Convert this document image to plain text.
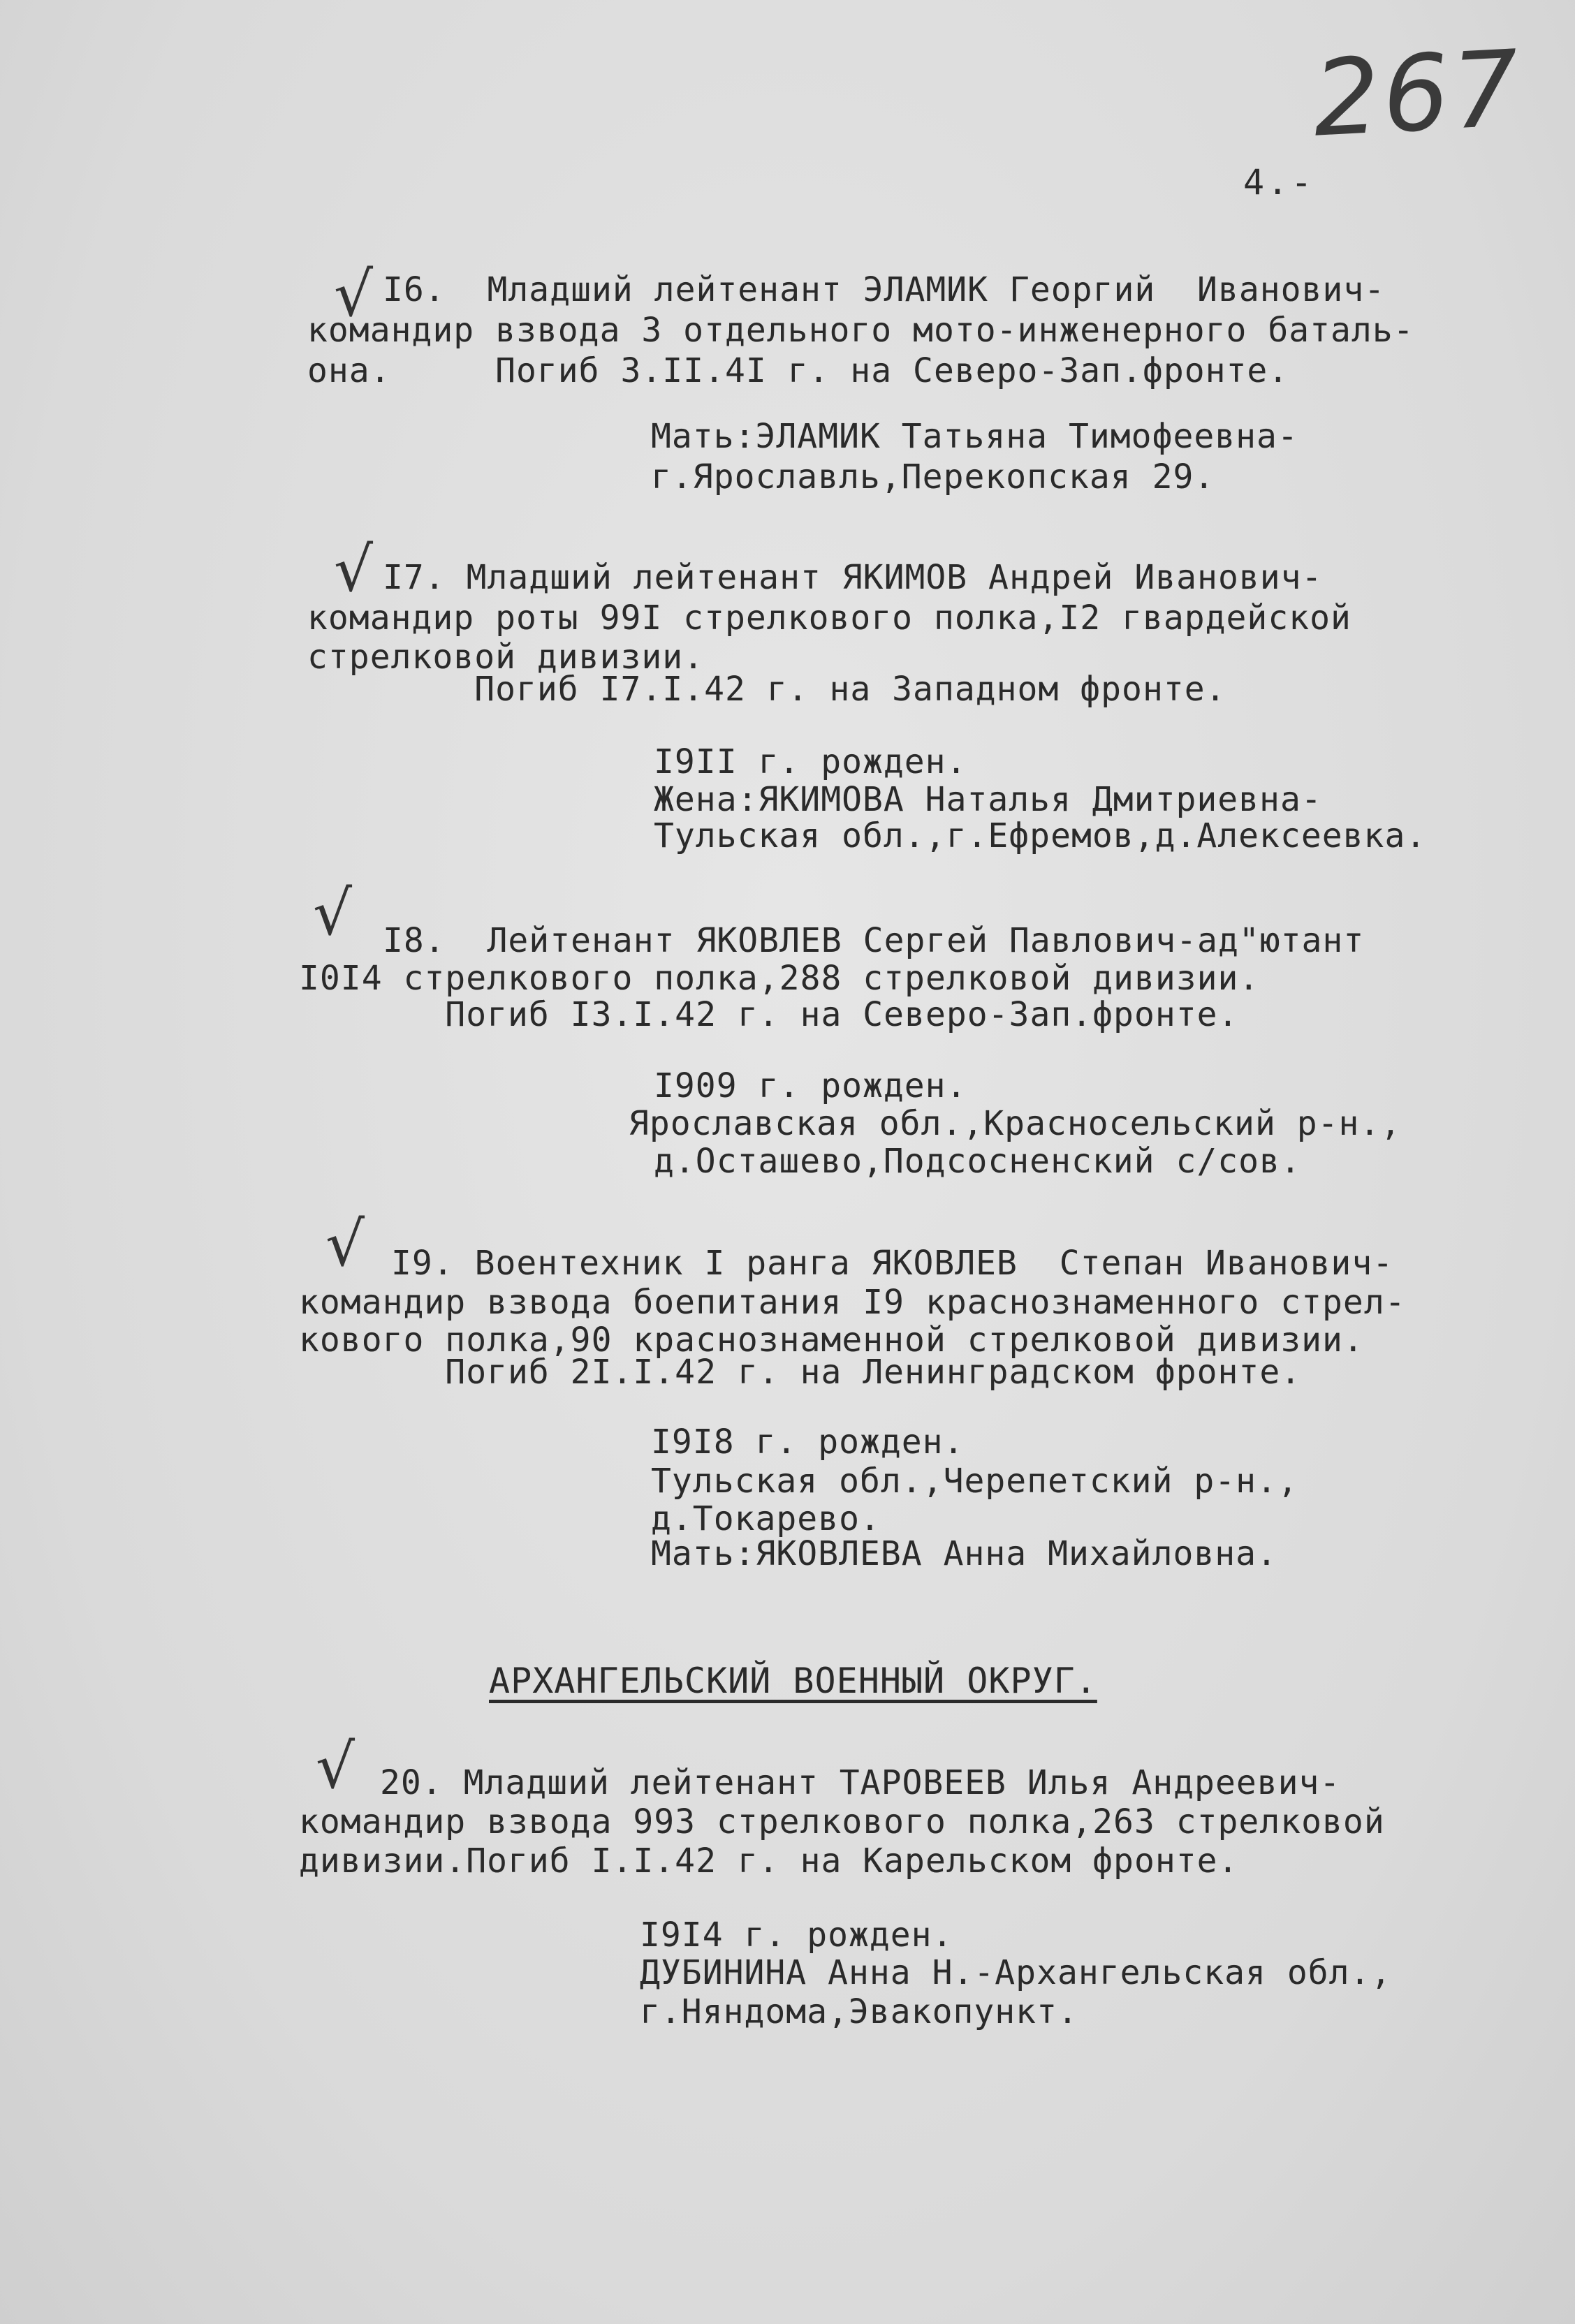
267
4.-
√ I6.  Младший лейтенант ЭЛАМИК Георгий  Иванович-
командир взвода 3 отдельного мото-инженерного баталь-
она.     Погиб 3.II.4I г. на Северо-Зап.фронте.
Мать:ЭЛАМИК Татьяна Тимофеевна-
г.Ярославль,Перекопская 29.
√ I7. Младший лейтенант ЯКИМОВ Андрей Иванович-
командир роты 99I стрелкового полка,I2 гвардейской
стрелковой дивизии.
Погиб I7.I.42 г. на Западном фронте.
I9II г. рожден.
Жена:ЯКИМОВА Наталья Дмитриевна-
Тульская обл.,г.Ефремов,д.Алексеевка.
√ I8.  Лейтенант ЯКОВЛЕВ Сергей Павлович-ад"ютант
I0I4 стрелкового полка,288 стрелковой дивизии.
Погиб I3.I.42 г. на Северо-Зап.фронте.
I909 г. рожден.
Ярославская обл.,Красносельский р-н.,
д.Осташево,Подсосненский с/сов.
√ I9. Воентехник I ранга ЯКОВЛЕВ  Степан Иванович-
командир взвода боепитания I9 краснознаменного стрел-
кового полка,90 краснознаменной стрелковой дивизии.
Погиб 2I.I.42 г. на Ленинградском фронте.
I9I8 г. рожден.
Тульская обл.,Черепетский р-н.,
д.Токарево.
Мать:ЯКОВЛЕВА Анна Михайловна.
АРХАНГЕЛЬСКИЙ ВОЕННЫЙ ОКРУГ.
√ 20. Младший лейтенант ТАРОВЕЕВ Илья Андреевич-
командир взвода 993 стрелкового полка,263 стрелковой
дивизии.Погиб I.I.42 г. на Карельском фронте.
I9I4 г. рожден.
ДУБИНИНА Анна Н.-Архангельская обл.,
г.Няндома,Эвакопункт.
